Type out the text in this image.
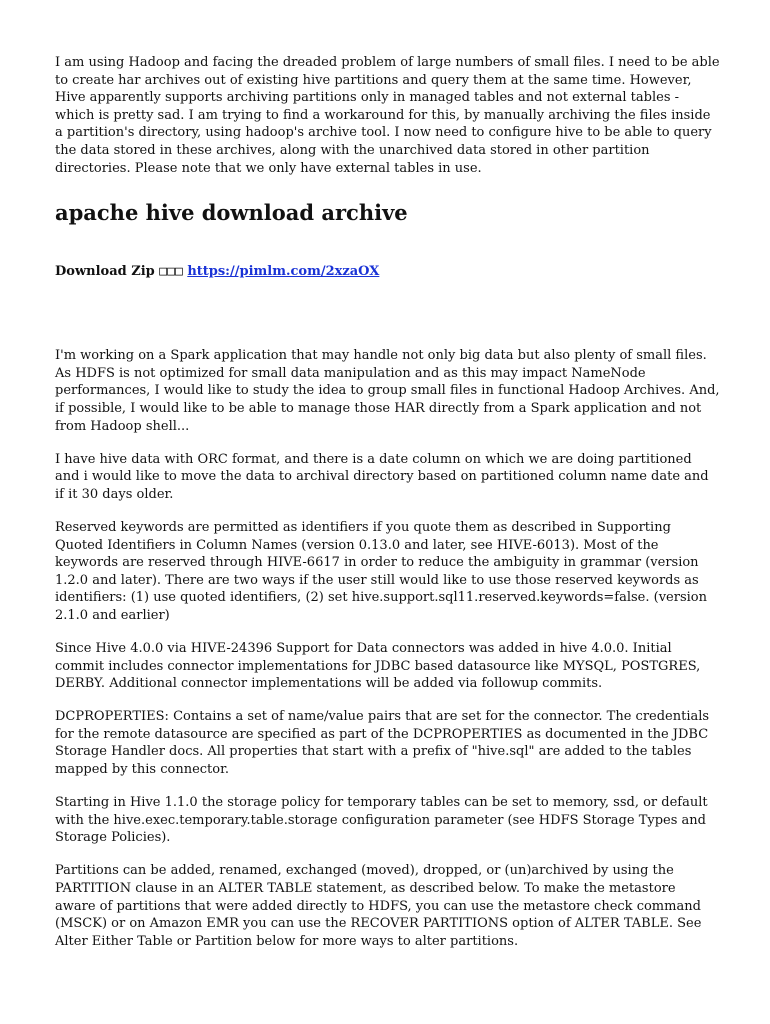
I am using Hadoop and facing the dreaded problem of large numbers of small files. I need to be able to create har archives out of existing hive partitions and query them at the same time. However, Hive apparently supports archiving partitions only in managed tables and not external tables - which is pretty sad. I am trying to find a workaround for this, by manually archiving the files inside a partition's directory, using hadoop's archive tool. I now need to configure hive to be able to query the data stored in these archives, along with the unarchived data stored in other partition directories. Please note that we only have external tables in use.

apache hive download archive
Download Zip □□□ https://pimlm.com/2xzaOX

I'm working on a Spark application that may handle not only big data but also plenty of small files. As HDFS is not optimized for small data manipulation and as this may impact NameNode performances, I would like to study the idea to group small files in functional Hadoop Archives. And, if possible, I would like to be able to manage those HAR directly from a Spark application and not from Hadoop shell...

I have hive data with ORC format, and there is a date column on which we are doing partitioned and i would like to move the data to archival directory based on partitioned column name date and if it 30 days older.

Reserved keywords are permitted as identifiers if you quote them as described in Supporting Quoted Identifiers in Column Names (version 0.13.0 and later, see HIVE-6013). Most of the keywords are reserved through HIVE-6617 in order to reduce the ambiguity in grammar (version 1.2.0 and later). There are two ways if the user still would like to use those reserved keywords as identifiers: (1) use quoted identifiers, (2) set hive.support.sql11.reserved.keywords=false. (version 2.1.0 and earlier)

Since Hive 4.0.0 via HIVE-24396 Support for Data connectors was added in hive 4.0.0. Initial commit includes connector implementations for JDBC based datasource like MYSQL, POSTGRES, DERBY. Additional connector implementations will be added via followup commits.

DCPROPERTIES: Contains a set of name/value pairs that are set for the connector. The credentials for the remote datasource are specified as part of the DCPROPERTIES as documented in the JDBC Storage Handler docs. All properties that start with a prefix of "hive.sql" are added to the tables mapped by this connector.

Starting in Hive 1.1.0 the storage policy for temporary tables can be set to memory, ssd, or default with the hive.exec.temporary.table.storage configuration parameter (see HDFS Storage Types and Storage Policies).

Partitions can be added, renamed, exchanged (moved), dropped, or (un)archived by using the PARTITION clause in an ALTER TABLE statement, as described below. To make the metastore aware of partitions that were added directly to HDFS, you can use the metastore check command (MSCK) or on Amazon EMR you can use the RECOVER PARTITIONS option of ALTER TABLE. See Alter Either Table or Partition below for more ways to alter partitions.
